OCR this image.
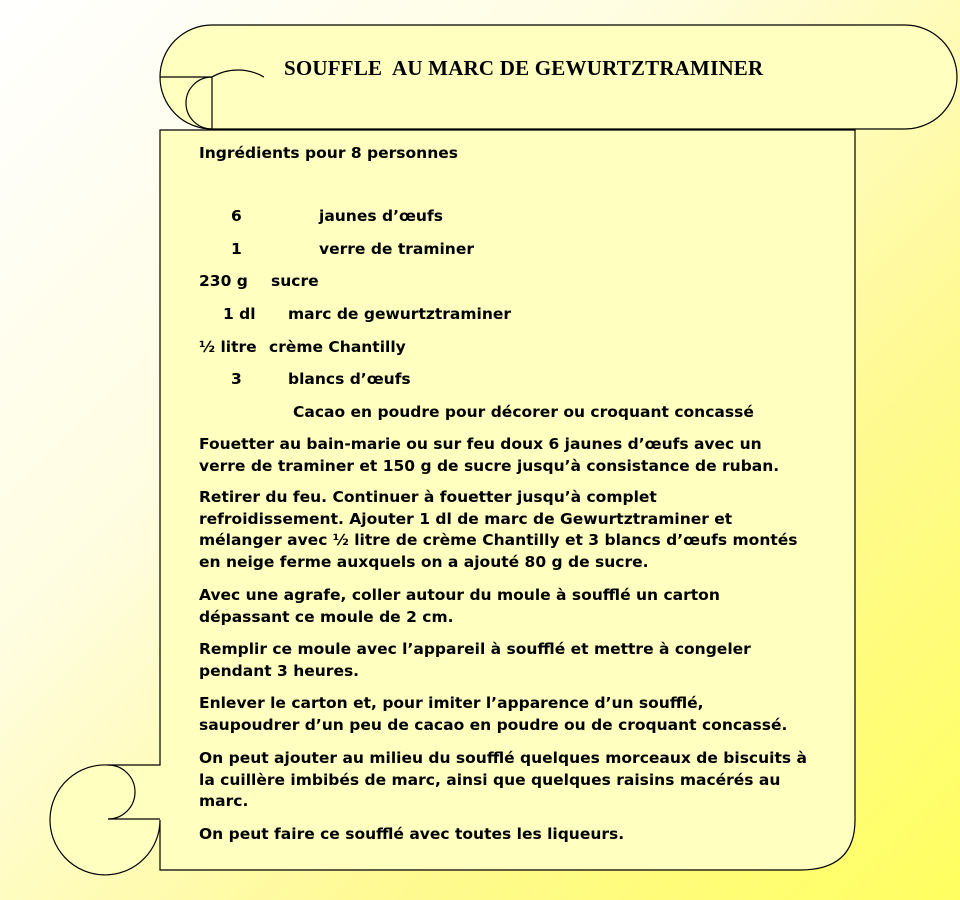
SOUFFLE  AU MARC DE GEWURTZTRAMINER
Ingrédients pour 8 personnes
6	jaunes d’œufs
1	verre de traminer
230 g sucre
1 dl marc de gewurtztraminer
½ litre crème Chantilly
3	blancs d’œufs
Cacao en poudre pour décorer ou croquant concassé
Fouetter au bain-marie ou sur feu doux 6 jaunes d’œufs avec un
verre de traminer et 150 g de sucre jusqu’à consistance de ruban.
Retirer du feu. Continuer à fouetter jusqu’à complet
refroidissement. Ajouter 1 dl de marc de Gewurtztraminer et
mélanger avec ½ litre de crème Chantilly et 3 blancs d’œufs montés
en neige ferme auxquels on a ajouté 80 g de sucre.
Avec une agrafe, coller autour du moule à soufflé un carton
dépassant ce moule de 2 cm.
Remplir ce moule avec l’appareil à soufflé et mettre à congeler
pendant 3 heures.
Enlever le carton et, pour imiter l’apparence d’un soufflé,
saupoudrer d’un peu de cacao en poudre ou de croquant concassé.
On peut ajouter au milieu du soufflé quelques morceaux de biscuits à
la cuillère imbibés de marc, ainsi que quelques raisins macérés au
marc.
On peut faire ce soufflé avec toutes les liqueurs.
